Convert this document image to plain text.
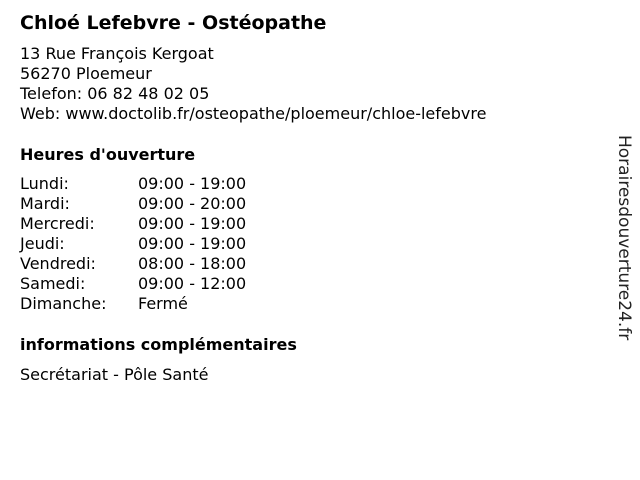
Chloé Lefebvre - Ostéopathe
13 Rue François Kergoat
56270 Ploemeur
Telefon: 06 82 48 02 05
Web: www.doctolib.fr/osteopathe/ploemeur/chloe-lefebvre
Heures d'ouverture
Lundi:	09:00 - 19:00
Mardi:	09:00 - 20:00
Mercredi:	09:00 - 19:00
Jeudi:	09:00 - 19:00
Vendredi:	08:00 - 18:00
Samedi:	09:00 - 12:00
Dimanche:	Fermé
informations complémentaires
Secrétariat - Pôle Santé
Horairesdouverture24.fr
